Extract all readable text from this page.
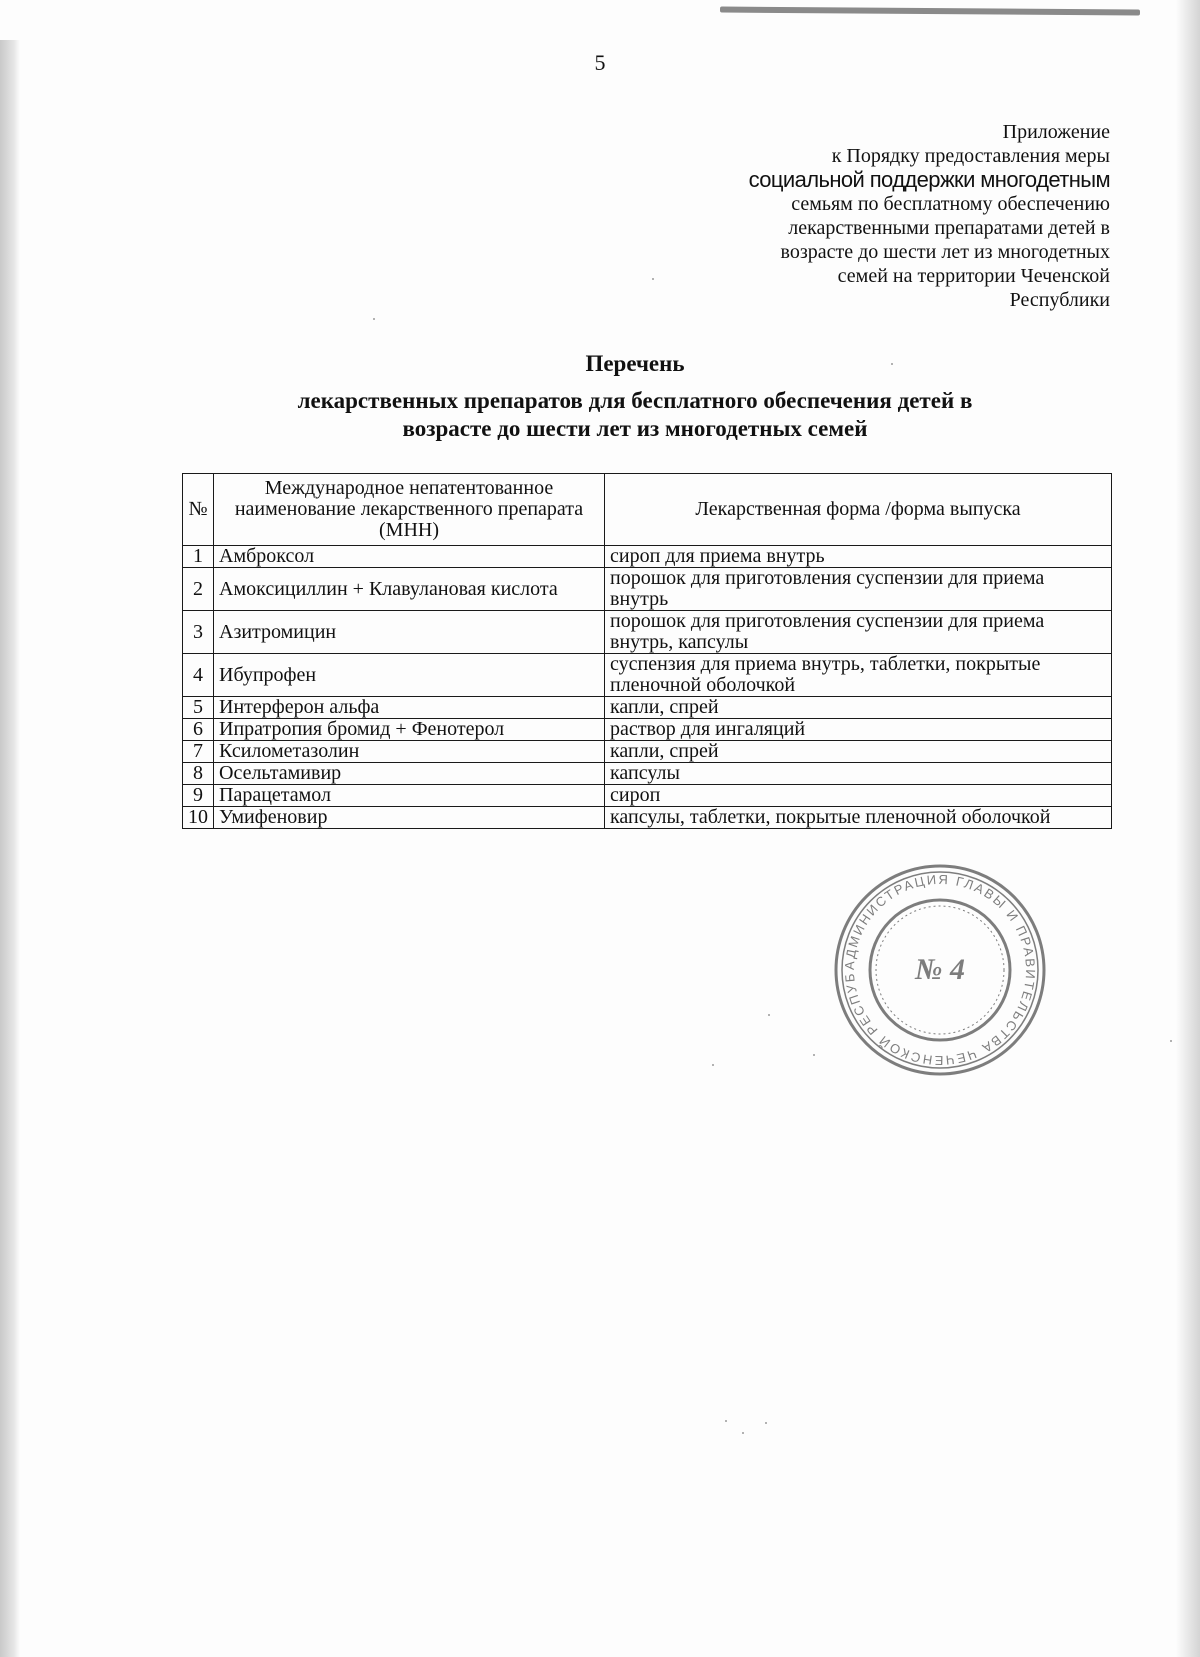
5
Приложение
к Порядку предоставления меры
социальной поддержки многодетным
семьям по бесплатному обеспечению
лекарственными препаратами детей в
возрасте до шести лет из многодетных
семей на территории Чеченской
Республики
Перечень
лекарственных препаратов для бесплатного обеспечения детей в
возрасте до шести лет из многодетных семей
№	Международное непатентованное наименование лекарственного препарата (МНН)	Лекарственная форма /форма выпуска
1	Амброксол	сироп для приема внутрь
2	Амоксициллин + Клавулановая кислота	порошок для приготовления суспензии для приема внутрь
3	Азитромицин	порошок для приготовления суспензии для приема внутрь, капсулы
4	Ибупрофен	суспензия для приема внутрь, таблетки, покрытые пленочной оболочкой
5	Интерферон альфа	капли, спрей
6	Ипратропия бромид + Фенотерол	раствор для ингаляций
7	Ксилометазолин	капли, спрей
8	Осельтамивир	капсулы
9	Парацетамол	сироп
10	Умифеновир	капсулы, таблетки, покрытые пленочной оболочкой
АДМИНИСТРАЦИЯ ГЛАВЫ И ПРАВИТЕЛЬСТВА ЧЕЧЕНСКОЙ РЕСПУБ	№ 4
